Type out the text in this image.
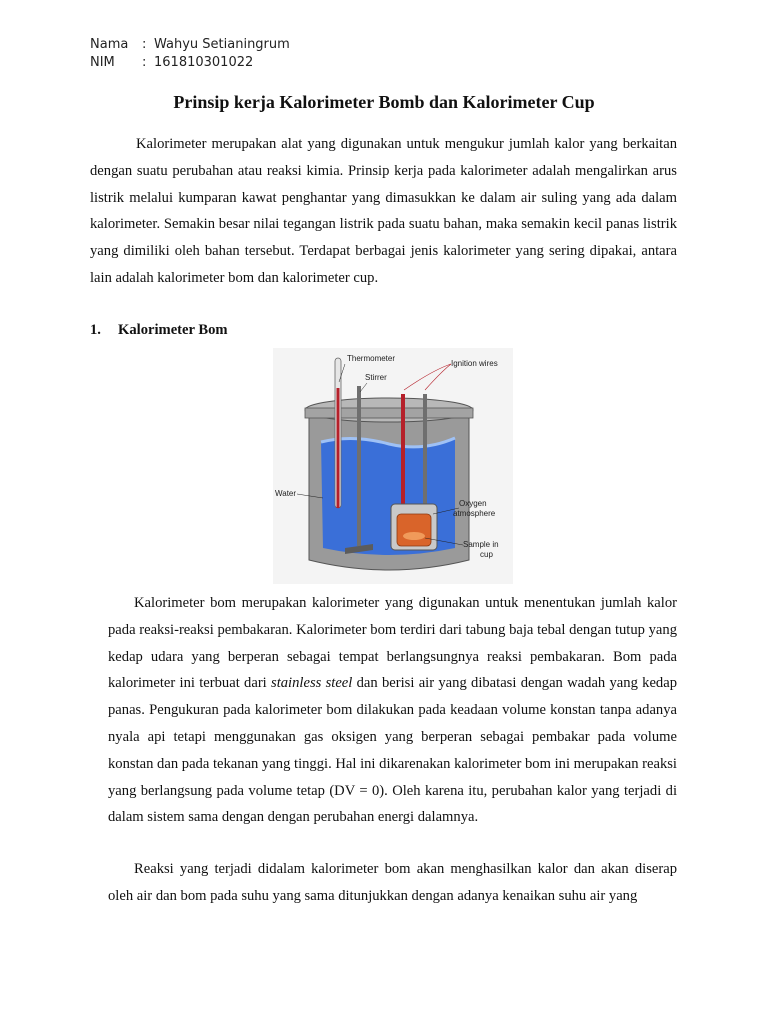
Nama	: Wahyu Setianingrum
NIM	: 161810301022
Prinsip kerja Kalorimeter Bomb dan Kalorimeter Cup

Kalorimeter merupakan alat yang digunakan untuk mengukur jumlah kalor yang berkaitan dengan suatu perubahan atau reaksi kimia. Prinsip kerja pada kalorimeter adalah mengalirkan arus listrik melalui kumparan kawat penghantar yang dimasukkan ke dalam air suling yang ada dalam kalorimeter. Semakin besar nilai tegangan listrik pada suatu bahan, maka semakin kecil panas listrik yang dimiliki oleh bahan tersebut. Terdapat berbagai jenis kalorimeter yang sering dipakai, antara lain adalah kalorimeter bom dan kalorimeter cup.

1. Kalorimeter Bom
Thermometer
Stirrer
Ignition wires
Water
Oxygen
atmosphere
Sample in
cup

Kalorimeter bom merupakan kalorimeter yang digunakan untuk menentukan jumlah kalor pada reaksi-reaksi pembakaran. Kalorimeter bom terdiri dari tabung baja tebal dengan tutup yang kedap udara yang berperan sebagai tempat berlangsungnya reaksi pembakaran. Bom pada kalorimeter ini terbuat dari stainless steel dan berisi air yang dibatasi dengan wadah yang kedap panas. Pengukuran pada kalorimeter bom dilakukan pada keadaan volume konstan tanpa adanya nyala api tetapi menggunakan gas oksigen yang berperan sebagai pembakar pada volume konstan dan pada tekanan yang tinggi. Hal ini dikarenakan kalorimeter bom ini merupakan reaksi yang berlangsung pada volume tetap (DV = 0). Oleh karena itu, perubahan kalor yang terjadi di dalam sistem sama dengan dengan perubahan energi dalamnya.

Reaksi yang terjadi didalam kalorimeter bom akan menghasilkan kalor dan akan diserap oleh air dan bom pada suhu yang sama ditunjukkan dengan adanya kenaikan suhu air yang
